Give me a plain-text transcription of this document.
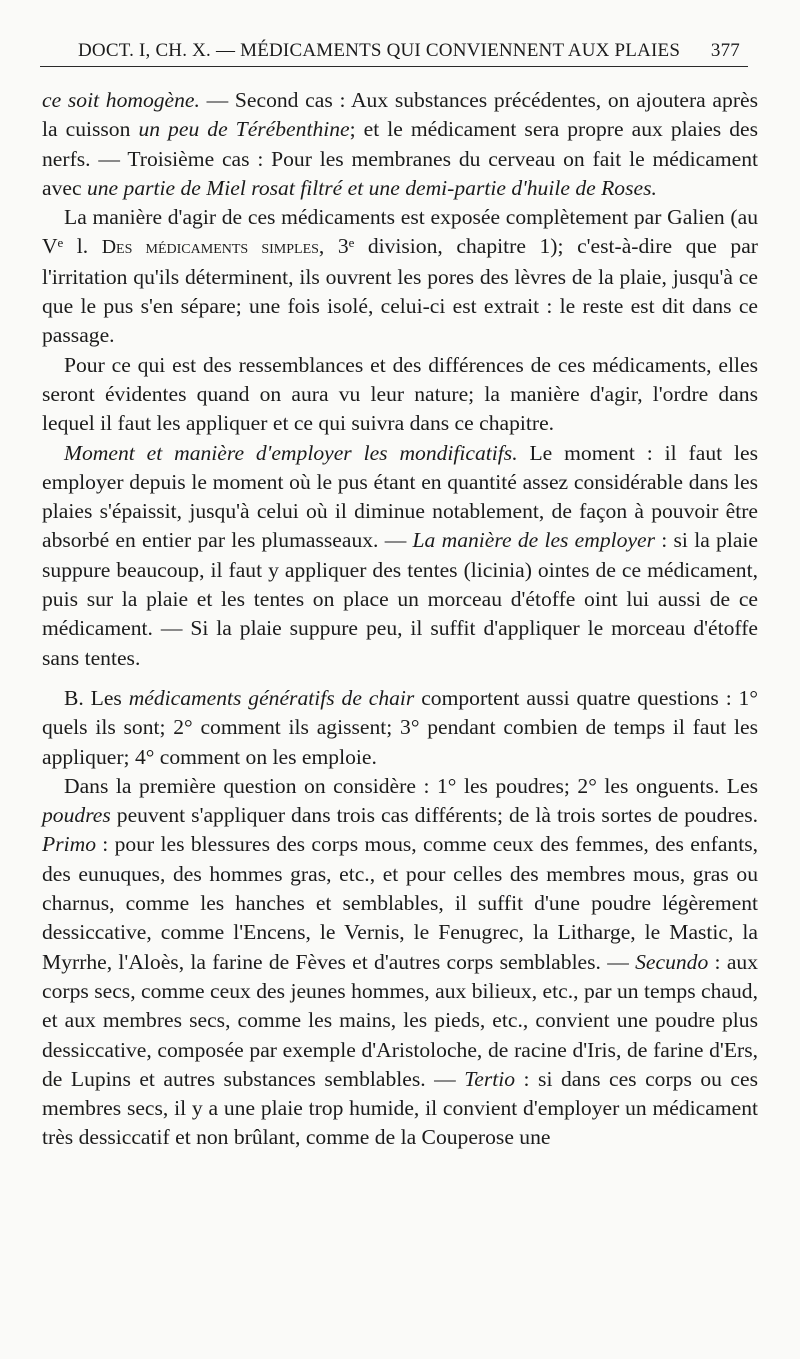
DOCT. I, CH. X. — MÉDICAMENTS QUI CONVIENNENT AUX PLAIES 377

ce soit homogène. — Second cas : Aux substances précédentes, on ajoutera après la cuisson un peu de Térébenthine; et le médicament sera propre aux plaies des nerfs. — Troisième cas : Pour les membranes du cerveau on fait le médicament avec une partie de Miel rosat filtré et une demi-partie d'huile de Roses.

La manière d'agir de ces médicaments est exposée complètement par Galien (au Vᵉ l. Des médicaments simples, 3ᵉ division, chapitre 1); c'est-à-dire que par l'irritation qu'ils déterminent, ils ouvrent les pores des lèvres de la plaie, jusqu'à ce que le pus s'en sépare; une fois isolé, celui-ci est extrait : le reste est dit dans ce passage.

Pour ce qui est des ressemblances et des différences de ces médicaments, elles seront évidentes quand on aura vu leur nature; la manière d'agir, l'ordre dans lequel il faut les appliquer et ce qui suivra dans ce chapitre.

Moment et manière d'employer les mondificatifs. Le moment : il faut les employer depuis le moment où le pus étant en quantité assez considérable dans les plaies s'épaissit, jusqu'à celui où il diminue notablement, de façon à pouvoir être absorbé en entier par les plumasseaux. — La manière de les employer : si la plaie suppure beaucoup, il faut y appliquer des tentes (licinia) ointes de ce médicament, puis sur la plaie et les tentes on place un morceau d'étoffe oint lui aussi de ce médicament. — Si la plaie suppure peu, il suffit d'appliquer le morceau d'étoffe sans tentes.

B. Les médicaments génératifs de chair comportent aussi quatre questions : 1° quels ils sont; 2° comment ils agissent; 3° pendant combien de temps il faut les appliquer; 4° comment on les emploie.

Dans la première question on considère : 1° les poudres; 2° les onguents. Les poudres peuvent s'appliquer dans trois cas différents; de là trois sortes de poudres. Primo : pour les blessures des corps mous, comme ceux des femmes, des enfants, des eunuques, des hommes gras, etc., et pour celles des membres mous, gras ou charnus, comme les hanches et semblables, il suffit d'une poudre légèrement dessiccative, comme l'Encens, le Vernis, le Fenugrec, la Litharge, le Mastic, la Myrrhe, l'Aloès, la farine de Fèves et d'autres corps semblables. — Secundo : aux corps secs, comme ceux des jeunes hommes, aux bilieux, etc., par un temps chaud, et aux membres secs, comme les mains, les pieds, etc., convient une poudre plus dessiccative, composée par exemple d'Aristoloche, de racine d'Iris, de farine d'Ers, de Lupins et autres substances semblables. — Tertio : si dans ces corps ou ces membres secs, il y a une plaie trop humide, il convient d'employer un médicament très dessiccatif et non brûlant, comme de la Couperose une
